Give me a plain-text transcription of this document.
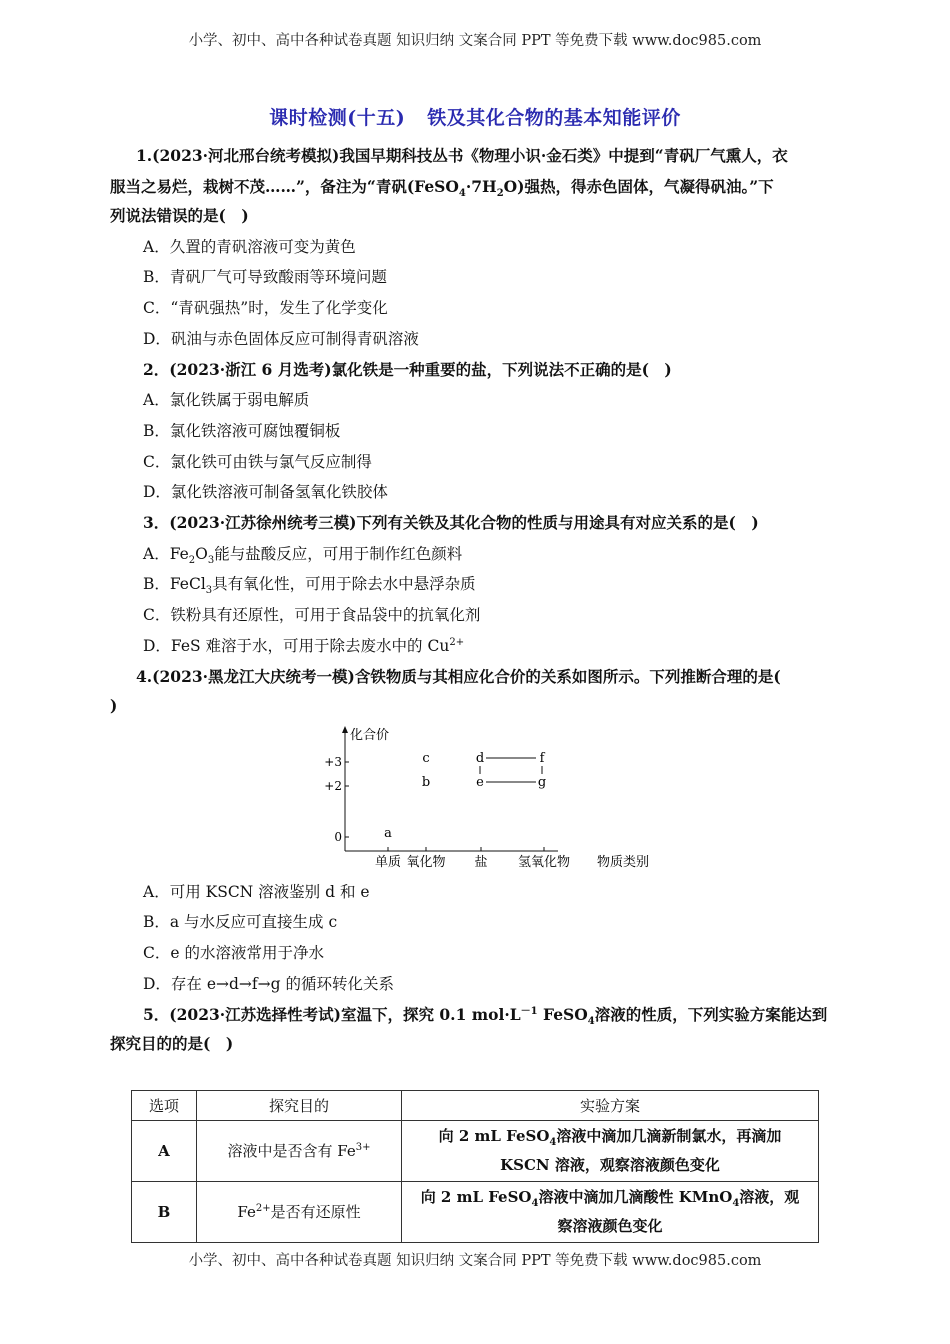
小学、初中、高中各种试卷真题 知识归纳 文案合同 PPT 等免费下载 www.doc985.com
课时检测(十五) 铁及其化合物的基本知能评价
1.(2023·河北邢台统考模拟)我国早期科技丛书《物理小识·金石类》中提到“青矾厂气熏人，衣
服当之易烂，栽树不茂……”，备注为“青矾$(FeSO_4\cdot 7H_2O)$强热，得赤色固体，气凝得矾油。”下
列说法错误的是(　)
A．久置的青矾溶液可变为黄色
B．青矾厂气可导致酸雨等环境问题
C．“青矾强热”时，发生了化学变化
D．矾油与赤色固体反应可制得青矾溶液
2．(2023·浙江 6 月选考)氯化铁是一种重要的盐，下列说法不正确的是(　)
A．氯化铁属于弱电解质
B．氯化铁溶液可腐蚀覆铜板
C．氯化铁可由铁与氯气反应制得
D．氯化铁溶液可制备氢氧化铁胶体
3．(2023·江苏徐州统考三模)下列有关铁及其化合物的性质与用途具有对应关系的是(　)
A．$Fe_2O_3$能与盐酸反应，可用于制作红色颜料
B．FeCl$_3$具有氧化性，可用于除去水中悬浮杂质
C．铁粉具有还原性，可用于食品袋中的抗氧化剂
D．FeS 难溶于水，可用于除去废水中的 $Cu^{2+}$
4.(2023·黑龙江大庆统考一模)含铁物质与其相应化合价的关系如图所示。下列推断合理的是(
)
化合价
+3
+2
0
单质 氧化物 盐 氢氧化物 物质类别
a
c
b
d
e
f
g
A．可用 KSCN 溶液鉴别 d 和 e
B．a 与水反应可直接生成 c
C．e 的水溶液常用于净水
D．存在 e→d→f→g 的循环转化关系
5．(2023·江苏选择性考试)室温下，探究 0.1 $mol\cdot L^{-1}$ FeSO$_4$溶液的性质，下列实验方案能达到
探究目的的是(　)
选项	探究目的	实验方案
A	溶液中是否含有 $Fe^{3+}$	向 2 mL FeSO$_4$溶液中滴加几滴新制氯水，再滴加
KSCN 溶液，观察溶液颜色变化
B	$Fe^{2+}$是否有还原性	向 2 mL FeSO$_4$溶液中滴加几滴酸性 KMnO$_4$溶液，观
察溶液颜色变化
小学、初中、高中各种试卷真题 知识归纳 文案合同 PPT 等免费下载 www.doc985.com
